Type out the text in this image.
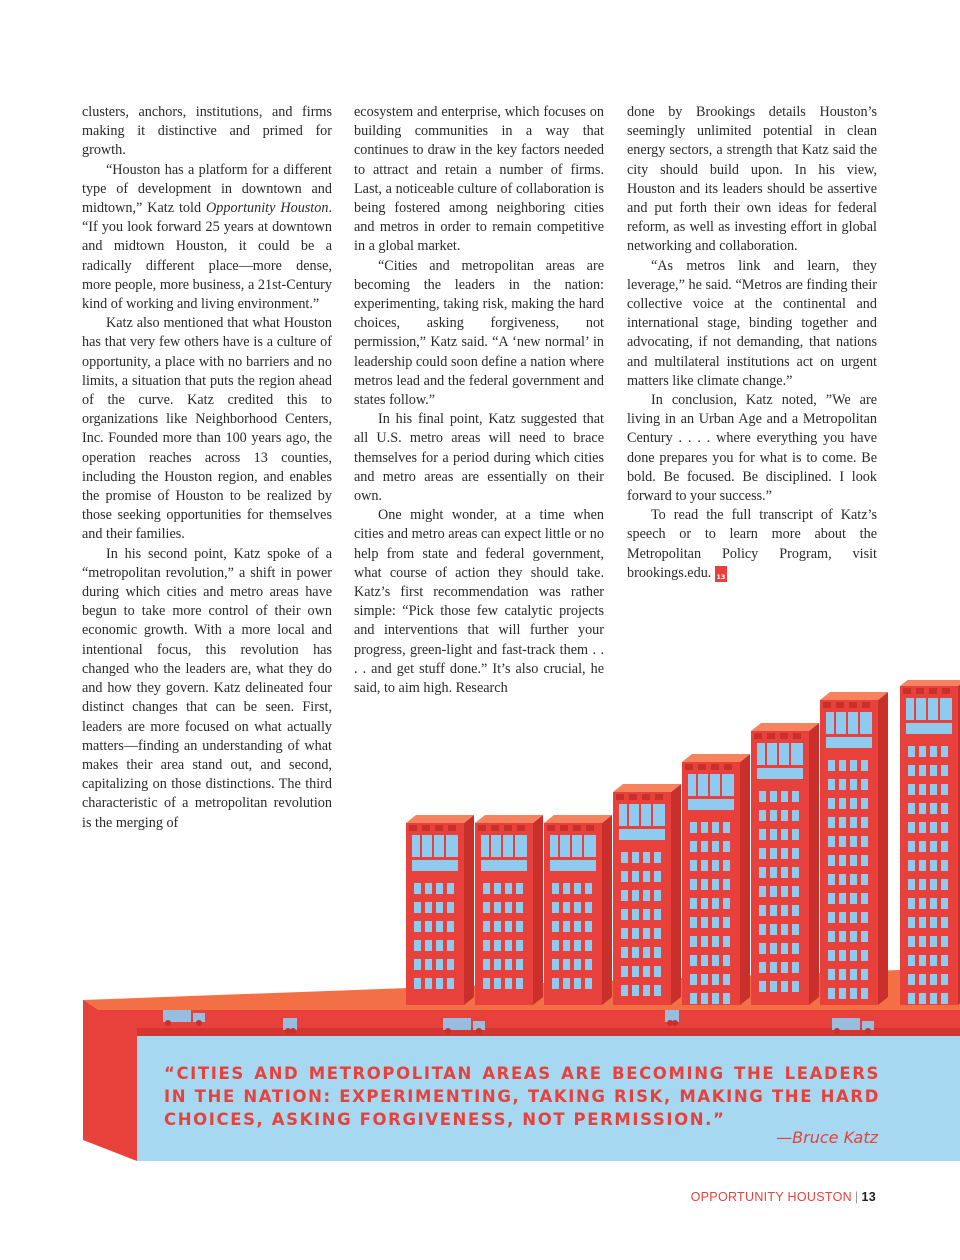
clusters, anchors, institutions, and firms making it distinctive and primed for growth.

“Houston has a platform for a different type of development in downtown and midtown,” Katz told Opportunity Houston. “If you look forward 25 years at downtown and midtown Houston, it could be a radically different place—more dense, more people, more business, a 21st-Century kind of working and living environment.”

Katz also mentioned that what Houston has that very few others have is a culture of opportunity, a place with no barriers and no limits, a situation that puts the region ahead of the curve. Katz credited this to organizations like Neighborhood Centers, Inc. Founded more than 100 years ago, the operation reaches across 13 counties, including the Houston region, and enables the promise of Houston to be realized by those seeking opportunities for themselves and their families.

In his second point, Katz spoke of a “metropolitan revolution,” a shift in power during which cities and metro areas have begun to take more control of their own economic growth. With a more local and intentional focus, this revolution has changed who the leaders are, what they do and how they govern. Katz delineated four distinct changes that can be seen. First, leaders are more focused on what actually matters—finding an understanding of what makes their area stand out, and second, capitalizing on those distinctions. The third characteristic of a metropolitan revolution is the merging of

ecosystem and enterprise, which focuses on building communities in a way that continues to draw in the key factors needed to attract and retain a number of firms. Last, a noticeable culture of collaboration is being fostered among neighboring cities and metros in order to remain competitive in a global market.

“Cities and metropolitan areas are becoming the leaders in the nation: experimenting, taking risk, making the hard choices, asking forgiveness, not permission,” Katz said. “A ‘new normal’ in leadership could soon define a nation where metros lead and the federal government and states follow.”

In his final point, Katz suggested that all U.S. metro areas will need to brace themselves for a period during which cities and metro areas are essentially on their own.

One might wonder, at a time when cities and metro areas can expect little or no help from state and federal government, what course of action they should take. Katz’s first recommendation was rather simple: “Pick those few catalytic projects and interventions that will further your progress, green-light and fast-track them . . . . and get stuff done.” It’s also crucial, he said, to aim high. Research

done by Brookings details Houston’s seemingly unlimited potential in clean energy sectors, a strength that Katz said the city should build upon. In his view, Houston and its leaders should be assertive and put forth their own ideas for federal reform, as well as investing effort in global networking and collaboration.

“As metros link and learn, they leverage,” he said. “Metros are finding their collective voice at the continental and international stage, binding together and advocating, if not demanding, that nations and multilateral institutions act on urgent matters like climate change.”

In conclusion, Katz noted, ”We are living in an Urban Age and a Metropolitan Century . . . . where everything you have done prepares you for what is to come. Be bold. Be focused. Be disciplined. I look forward to your success.”

To read the full transcript of Katz’s speech or to learn more about the Metropolitan Policy Program, visit brookings.edu.	20
13

“CITIES AND METROPOLITAN AREAS ARE BECOMING THE LEADERS IN THE NATION: EXPERIMENTING, TAKING RISK, MAKING THE HARD CHOICES, ASKING FORGIVENESS, NOT PERMISSION.”
—Bruce Katz
OPPORTUNITY HOUSTON | 13
